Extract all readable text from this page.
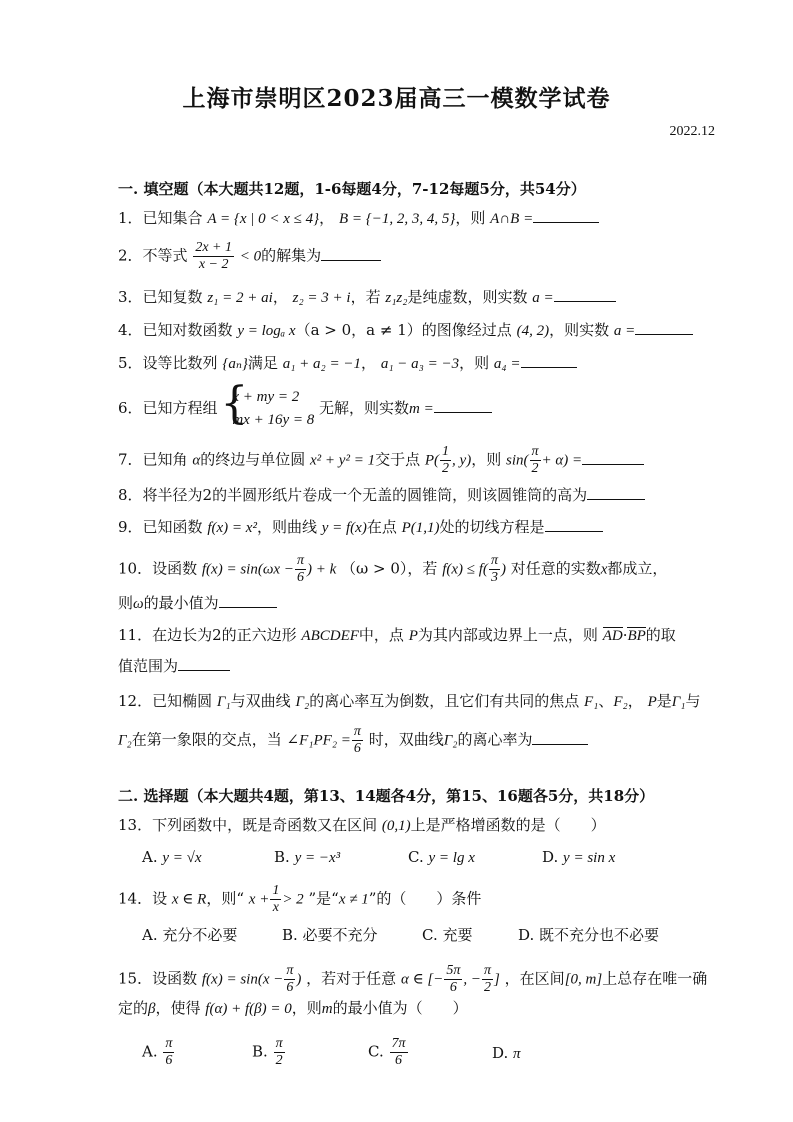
上海市崇明区2023届高三一模数学试卷
2022.12
一. 填空题（本大题共12题，1-6每题4分，7-12每题5分，共54分）
1．已知集合 A = {x | 0 < x ≤ 4}， B = {−1, 2, 3, 4, 5}，则 A∩B =
2．不等式 $\frac{2x + 1}{x - 2} < 0$的解集为
3．已知复数 z₁ = 2 + ai， z₂ = 3 + i，若 z₁z₂是纯虚数，则实数 a =
4．已知对数函数 y = logₐ x（a > 0，a ≠ 1）的图像经过点 (4, 2)，则实数 a =
5．设等比数列 {aₙ}满足 a₁ + a₂ = −1， a₁ − a₃ = −3，则 a₄ =
6．已知方程组
{ x + my = 2
mx + 16y = 8
无解，则实数m =
7．已知角 α的终边与单位圆 x² + y² = 1交于点 $P( \frac{1}{2}$ , y)，则 $\sin( \frac{\pi}{2} + \alpha)$ =
8．将半径为2的半圆形纸片卷成一个无盖的圆锥筒，则该圆锥筒的高为
9．已知函数 f(x) = x²，则曲线 y = f(x)在点 P(1,1)处的切线方程是
10．设函数 $f(x) = \sin(\omega x - \frac{\pi}{6}$ ) + k （ω > 0），若 $f(x) \le f( \frac{\pi}{3}$ ) 对任意的实数x都成立，
则ω的最小值为
11．在边长为2的正六边形 ABCDEF中，点 P为其内部或边界上一点，则 AD·BP的取
值范围为
12．已知椭圆 Γ₁与双曲线 Γ₂的离心率互为倒数，且它们有共同的焦点 F₁、F₂， P是Γ₁与
Γ₂在第一象限的交点，当 ∠F₁PF₂ = $\frac{\pi}{6}$ 时，双曲线Γ₂的离心率为
二. 选择题（本大题共4题，第13、14题各4分，第15、16题各5分，共18分）
13．下列函数中，既是奇函数又在区间 (0,1)上是严格增函数的是（　　）
A. y = √x	B. y = −x³	C. y = lg x	D. y = sin x
14．设 x ∈ R，则“ $x + \frac{1}{x} > 2$ ”是“x ≠ 1”的（　　）条件
A. 充分不必要	B. 必要不充分	C. 充要	D. 既不充分也不必要
15．设函数 $f(x) = \sin(x - \frac{\pi}{6}$ ) ，若对于任意 α ∈ [− $\frac{5\pi}{6}$ , − $\frac{\pi}{2}$ ] ，在区间[0, m]上总存在唯一确
定的β，使得 f(α) + f(β) = 0，则m的最小值为（　　）
A. $\frac{\pi}{6}$	B. $\frac{\pi}{2}$	C. $\frac{7\pi}{6}$	D. π
